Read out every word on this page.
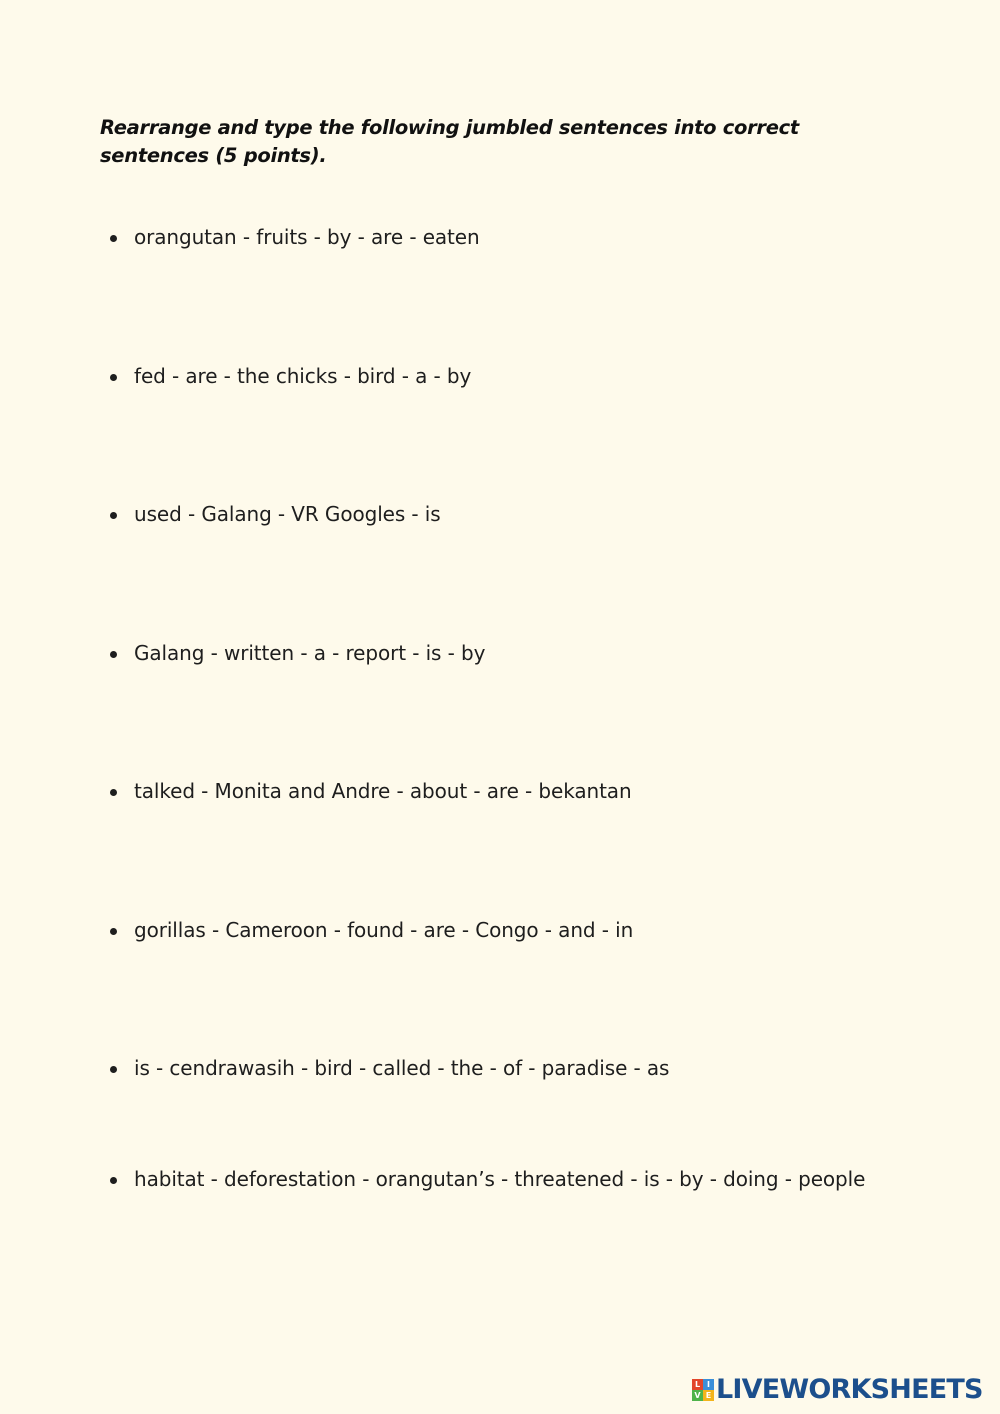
Rearrange and type the following jumbled sentences into correct sentences (5 points).
orangutan - fruits - by - are - eaten
fed - are - the chicks - bird - a - by
used - Galang - VR Googles - is
Galang - written - a - report - is - by
talked - Monita and Andre - about - are - bekantan
gorillas - Cameroon - found - are - Congo - and - in
is - cendrawasih - bird - called - the - of - paradise - as
habitat - deforestation - orangutan’s - threatened - is - by - doing - people
L I
V E LIVEWORKSHEETS
